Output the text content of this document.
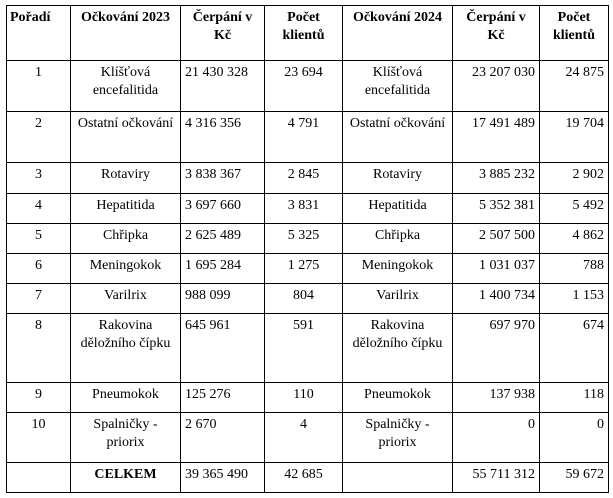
Pořadí	Očkování 2023	Čerpání v Kč	Počet klientů	Očkování 2024	Čerpání v Kč	Počet klientů
1	Klíšťová encefalitida	21 430 328	23 694	Klíšťová encefalitida	23 207 030	24 875
2	Ostatní očkování	4 316 356	4 791	Ostatní očkování	17 491 489	19 704
3	Rotaviry	3 838 367	2 845	Rotaviry	3 885 232	2 902
4	Hepatitida	3 697 660	3 831	Hepatitida	5 352 381	5 492
5	Chřipka	2 625 489	5 325	Chřipka	2 507 500	4 862
6	Meningokok	1 695 284	1 275	Meningokok	1 031 037	788
7	Varilrix	988 099	804	Varilrix	1 400 734	1 153
8	Rakovina děložního čípku	645 961	591	Rakovina děložního čípku	697 970	674
9	Pneumokok	125 276	110	Pneumokok	137 938	118
10	Spalničky - priorix	2 670	4	Spalničky - priorix	0	0
	CELKEM	39 365 490	42 685		55 711 312	59 672
